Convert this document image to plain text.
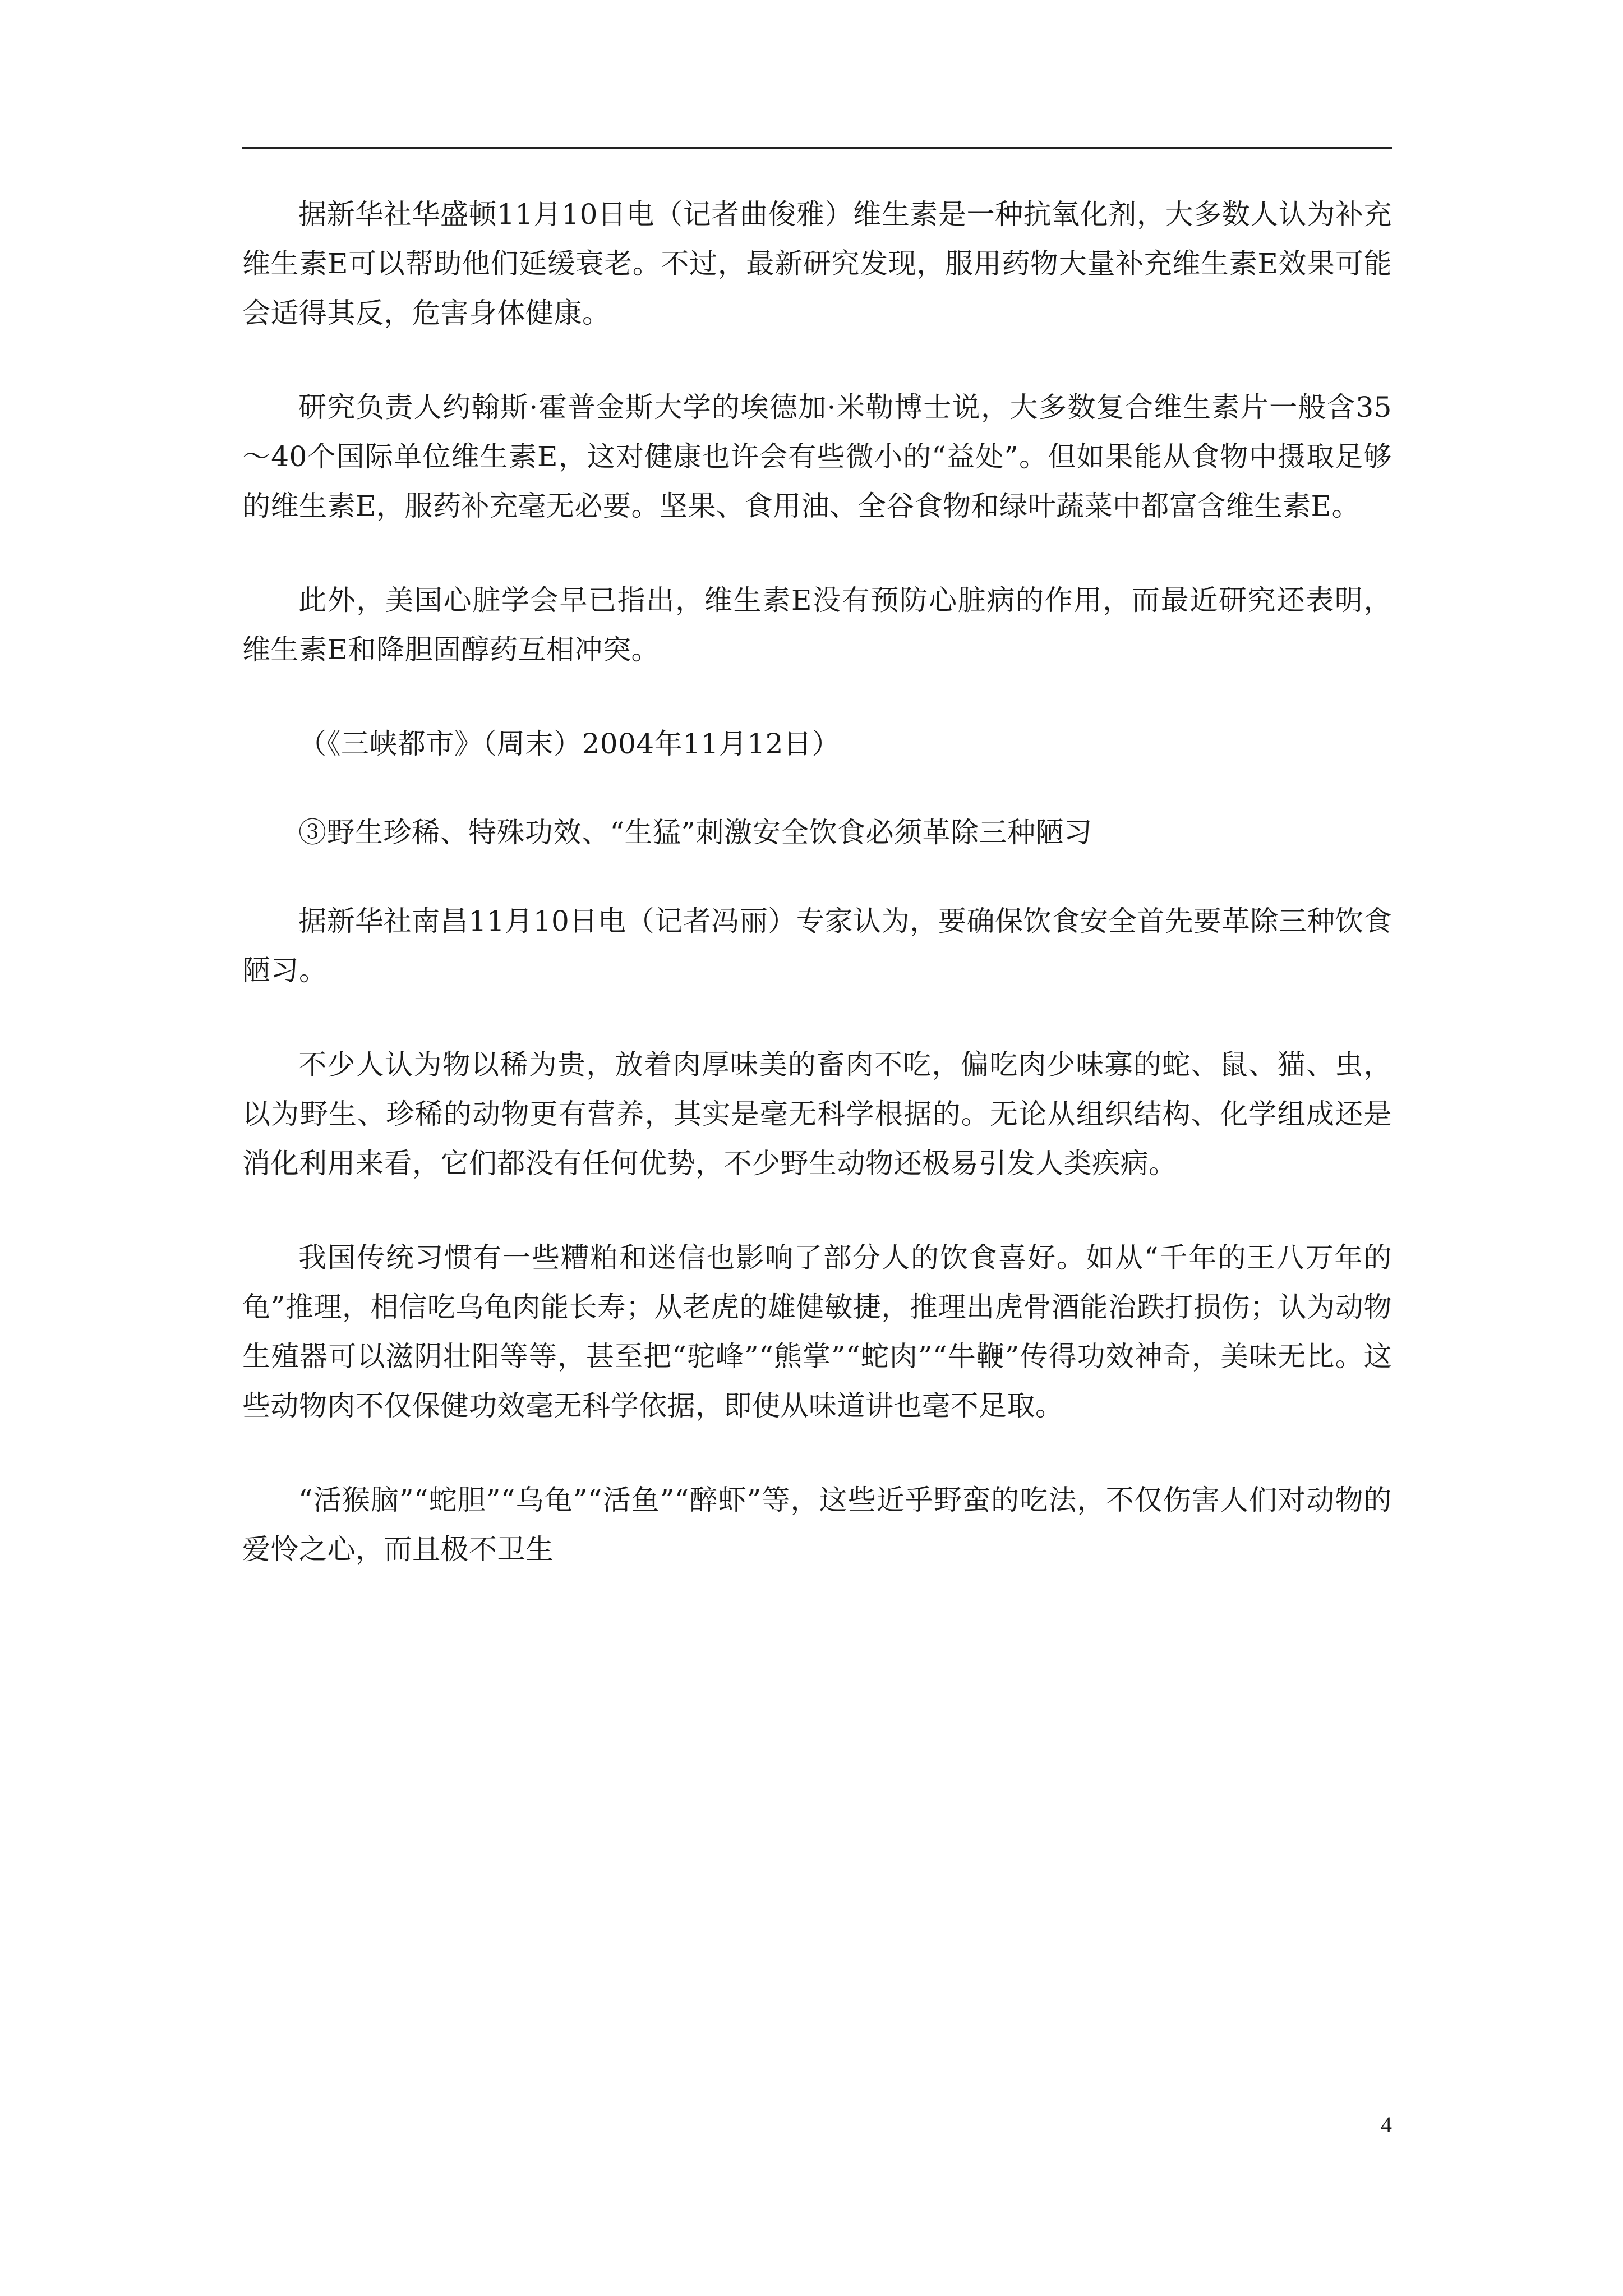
据新华社华盛顿11月10日电（记者曲俊雅）维生素是一种抗氧化剂，大多数人认为补充维生素E可以帮助他们延缓衰老。不过，最新研究发现，服用药物大量补充维生素E效果可能会适得其反，危害身体健康。

研究负责人约翰斯·霍普金斯大学的埃德加·米勒博士说，大多数复合维生素片一般含35～40个国际单位维生素E，这对健康也许会有些微小的“益处”。但如果能从食物中摄取足够的维生素E，服药补充毫无必要。坚果、食用油、全谷食物和绿叶蔬菜中都富含维生素E。

此外，美国心脏学会早已指出，维生素E没有预防心脏病的作用，而最近研究还表明，维生素E和降胆固醇药互相冲突。

（《三峡都市》（周末）2004年11月12日）

③野生珍稀、特殊功效、“生猛”刺激安全饮食必须革除三种陋习

据新华社南昌11月10日电（记者冯丽）专家认为，要确保饮食安全首先要革除三种饮食陋习。

不少人认为物以稀为贵，放着肉厚味美的畜肉不吃，偏吃肉少味寡的蛇、鼠、猫、虫，以为野生、珍稀的动物更有营养，其实是毫无科学根据的。无论从组织结构、化学组成还是消化利用来看，它们都没有任何优势，不少野生动物还极易引发人类疾病。

我国传统习惯有一些糟粕和迷信也影响了部分人的饮食喜好。如从“千年的王八万年的龟”推理，相信吃乌龟肉能长寿；从老虎的雄健敏捷，推理出虎骨酒能治跌打损伤；认为动物生殖器可以滋阴壮阳等等，甚至把“驼峰”“熊掌”“蛇肉”“牛鞭”传得功效神奇，美味无比。这些动物肉不仅保健功效毫无科学依据，即使从味道讲也毫不足取。

“活猴脑”“蛇胆”“乌龟”“活鱼”“醉虾”等，这些近乎野蛮的吃法，不仅伤害人们对动物的爱怜之心，而且极不卫生

4
